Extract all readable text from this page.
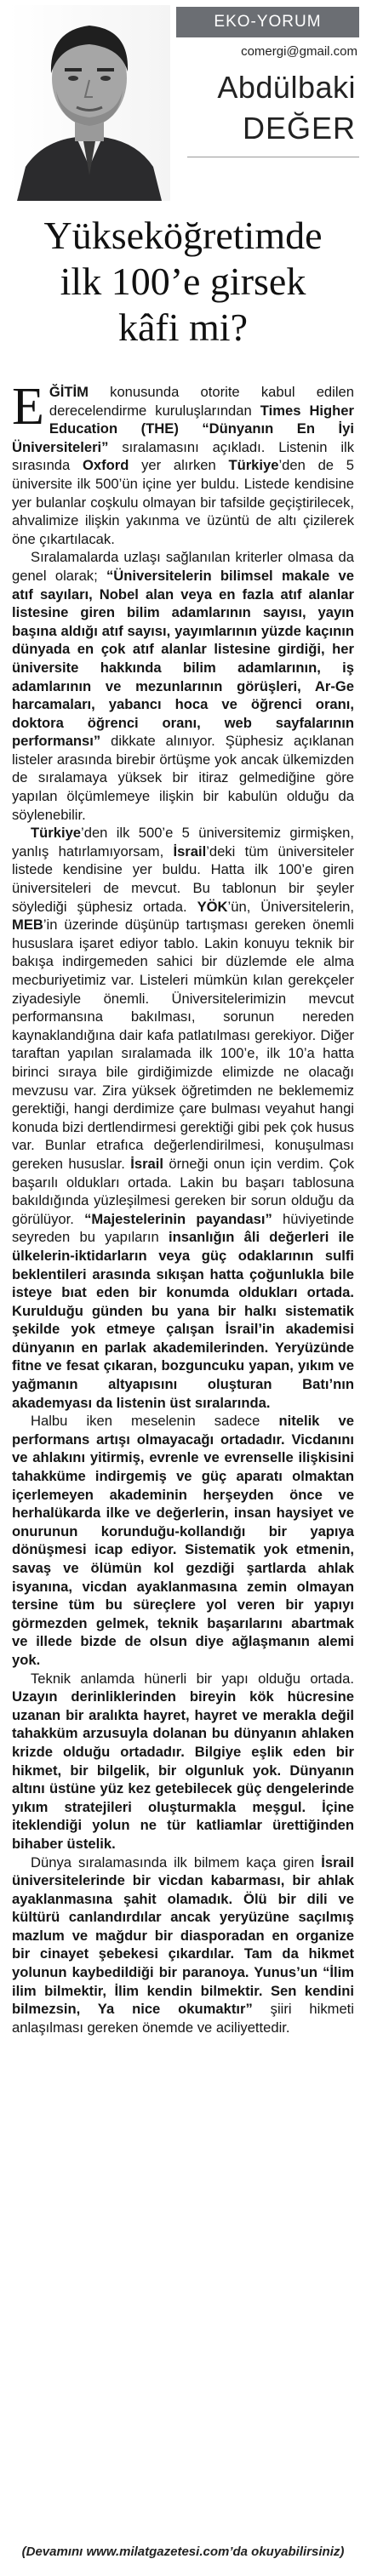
EKO-YORUM
comergi@gmail.com
Abdülbaki
DEĞER
Yükseköğretimde
ilk 100’e girsek
kâfi mi?

EĞİTİM konusunda otorite kabul edilen derecelendirme kuruluşlarından Times Higher Education (THE) “Dünyanın En İyi Üniversiteleri” sıralamasını açıkladı. Listenin ilk sırasında Oxford yer alırken Türkiye’den de 5 üniversite ilk 500’ün içine yer buldu. Listede kendisine yer bulanlar coşkulu olmayan bir tafsilde geçiştirilecek, ahvalimize ilişkin yakınma ve üzüntü de altı çizilerek öne çıkartılacak.

Sıralamalarda uzlaşı sağlanılan kriterler olmasa da genel olarak; “Üniversitelerin bilimsel makale ve atıf sayıları, Nobel alan veya en fazla atıf alanlar listesine giren bilim adamlarının sayısı, yayın başına aldığı atıf sayısı, yayımlarının yüzde kaçının dünyada en çok atıf alanlar listesine girdiği, her üniversite hakkında bilim adamlarının, iş adamlarının ve mezunlarının görüşleri, Ar-Ge harcamaları, yabancı hoca ve öğrenci oranı, doktora öğrenci oranı, web sayfalarının performansı” dikkate alınıyor. Şüphesiz açıklanan listeler arasında birebir örtüşme yok ancak ülkemizden de sıralamaya yüksek bir itiraz gelmediğine göre yapılan ölçümlemeye ilişkin bir kabulün olduğu da söylenebilir.

Türkiye’den ilk 500’e 5 üniversitemiz girmişken, yanlış hatırlamıyorsam, İsrail’deki tüm üniversiteler listede kendisine yer buldu. Hatta ilk 100’e giren üniversiteleri de mevcut. Bu tablonun bir şeyler söylediği şüphesiz ortada. YÖK’ün, Üniversitelerin, MEB’in üzerinde düşünüp tartışması gereken önemli hususlara işaret ediyor tablo. Lakin konuyu teknik bir bakışa indirgemeden sahici bir düzlemde ele alma mecburiyetimiz var. Listeleri mümkün kılan gerekçeler ziyadesiyle önemli. Üniversitelerimizin mevcut performansına bakılması, sorunun nereden kaynaklandığına dair kafa patlatılması gerekiyor. Diğer taraftan yapılan sıralamada ilk 100’e, ilk 10’a hatta birinci sıraya bile girdiğimizde elimizde ne olacağı mevzusu var. Zira yüksek öğretimden ne beklememiz gerektiği, hangi derdimize çare bulması veyahut hangi konuda bizi dertlendirmesi gerektiği gibi pek çok husus var. Bunlar etrafıca değerlendirilmesi, konuşulması gereken hususlar. İsrail örneği onun için verdim. Çok başarılı oldukları ortada. Lakin bu başarı tablosuna bakıldığında yüzleşilmesi gereken bir sorun olduğu da görülüyor. “Majestelerinin payandası” hüviyetinde seyreden bu yapıların insanlığın âli değerleri ile ülkelerin-iktidarların veya güç odaklarının sulfi beklentileri arasında sıkışan hatta çoğunlukla bile isteye bıat eden bir konumda oldukları ortada. Kurulduğu günden bu yana bir halkı sistematik şekilde yok etmeye çalışan İsrail’in akademisi dünyanın en parlak akademilerinden. Yeryüzünde fitne ve fesat çıkaran, bozguncuku yapan, yıkım ve yağmanın altyapısını oluşturan Batı’nın akademyası da listenin üst sıralarında.

Halbu iken meselenin sadece nitelik ve performans artışı olmayacağı ortadadır. Vicdanını ve ahlakını yitirmiş, evrenle ve evrenselle ilişkisini tahakküme indirgemiş ve güç aparatı olmaktan içerlemeyen akademinin herşeyden önce ve herhalükarda ilke ve değerlerin, insan haysiyet ve onurunun korunduğu-kollandığı bir yapıya dönüşmesi icap ediyor. Sistematik yok etmenin, savaş ve ölümün kol gezdiği şartlarda ahlak isyanına, vicdan ayaklanmasına zemin olmayan tersine tüm bu süreçlere yol veren bir yapıyı görmezden gelmek, teknik başarılarını abartmak ve illede bizde de olsun diye ağlaşmanın alemi yok.

Teknik anlamda hünerli bir yapı olduğu ortada. Uzayın derinliklerinden bireyin kök hücresine uzanan bir aralıkta hayret, hayret ve merakla değil tahakküm arzusuyla dolanan bu dünyanın ahlaken krizde olduğu ortadadır. Bilgiye eşlik eden bir hikmet, bir bilgelik, bir olgunluk yok. Dünyanın altını üstüne yüz kez getebilecek güç dengelerinde yıkım stratejileri oluşturmakla meşgul. İçine iteklendiği yolun ne tür katliamlar ürettiğinden bihaber üstelik.

Dünya sıralamasında ilk bilmem kaça giren İsrail üniversitelerinde bir vicdan kabarması, bir ahlak ayaklanmasına şahit olamadık. Ölü bir dili ve kültürü canlandırdılar ancak yeryüzüne saçılmış mazlum ve mağdur bir diasporadan en organize bir cinayet şebekesi çıkardılar. Tam da hikmet yolunun kaybedildiği bir paranoya. Yunus’un “İlim ilim bilmektir, İlim kendin bilmektir. Sen kendini bilmezsin, Ya nice okumaktır” şiiri hikmeti anlaşılması gereken önemde ve aciliyettedir.

(Devamını www.milatgazetesi.com’da okuyabilirsiniz)
